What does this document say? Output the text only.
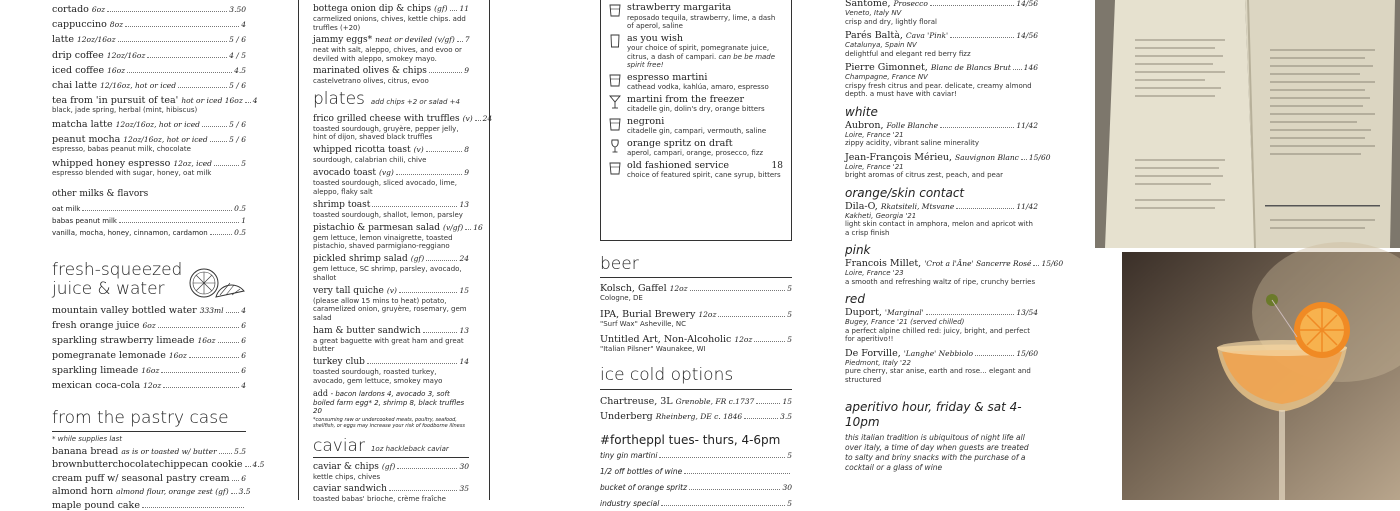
cortado 6oz	3.50
cappuccino 8oz	4
latte 12oz/16oz	5 / 6
drip coffee 12oz/16oz	4 / 5
iced coffee 16oz	4.5
chai latte 12/16oz, hot or iced	5 / 6
tea from 'in pursuit of tea' hot or iced 16oz 4
black, jade spring, herbal (mint, hibiscus)
matcha latte 12oz/16oz, hot or iced	5 / 6
peanut mocha 12oz/16oz, hot or iced	5 / 6
espresso, babas peanut milk, chocolate
whipped honey espresso 12oz, iced	5
espresso blended with sugar, honey, oat milk
other milks & flavors
oat milk	0.5
babas peanut milk	1
vanilla, mocha, honey, cinnamon, cardamon	0.5
fresh-squeezed
juice & water
mountain valley bottled water 333ml 4
fresh orange juice 6oz	6
sparkling strawberry limeade 16oz	6
pomegranate lemonade 16oz	6
sparkling limeade 16oz	6
mexican coca-cola 12oz	4
from the pastry case
* while supplies last
banana bread as is or toasted w/ butter 5.5
brownbutterchocolatechippecan cookie 4.5
cream puff w/ seasonal pastry cream 6
almond horn almond flour, orange zest (gf) 3.5
maple pound cake
bottega onion dip & chips (gf) 11
carmelized onions, chives, kettle chips. add truffles (+20)
jammy eggs* neat or deviled (v/gf) 7
neat with salt, aleppo, chives, and evoo or deviled with aleppo, smokey mayo.
marinated olives & chips	9
castelvetrano olives, citrus, evoo
plates add chips +2 or salad +4
frico grilled cheese with truffles (v) 24
toasted sourdough, gruyère, pepper jelly, hint of dijon, shaved black truffles
whipped ricotta toast (v)	8
sourdough, calabrian chili, chive
avocado toast (vg)	9
toasted sourdough, sliced avocado, lime, aleppo, flaky salt
shrimp toast	13
toasted sourdough, shallot, lemon, parsley
pistachio & parmesan salad (v/gf) 16
gem lettuce, lemon vinaigrette, toasted pistachio, shaved parmigiano-reggiano
pickled shrimp salad (gf)	24
gem lettuce, SC shrimp, parsley, avocado, shallot
very tall quiche (v)	15
(please allow 15 mins to heat) potato, caramelized onion, gruyère, rosemary, gem salad
ham & butter sandwich	13
a great baguette with great ham and great butter
turkey club	14
toasted sourdough, roasted turkey, avocado, gem lettuce, smokey mayo
add - bacon lardons 4, avocado 3, soft boiled farm egg* 2, shrimp 8, black truffles 20
*consuming raw or undercooked meats, poultry, seafood, shellfish, or eggs may increase your risk of foodborne illness
caviar 1oz hackleback caviar
caviar & chips (gf)	30
kettle chips, chives
caviar sandwich	35
toasted babas' brioche, crème fraîche
strawberry margarita
reposado tequila, strawberry, lime, a dash of aperol, saline
as you wish
your choice of spirit, pomegranate juice, citrus, a dash of campari. can be be made spirit free!
espresso martini
cathead vodka, kahlúa, amaro, espresso
martini from the freezer
citadelle gin, dolin's dry, orange bitters
negroni
citadelle gin, campari, vermouth, saline
orange spritz on draft
aperol, campari, orange, prosecco, fizz
old fashioned service	18
choice of featured spirit, cane syrup, bitters
beer
Kolsch, Gaffel 12oz	5
Cologne, DE
IPA, Burial Brewery 12oz	5
"Surf Wax" Asheville, NC
Untitled Art, Non-Alcoholic 12oz	5
"Italian Pilsner" Waunakee, WI
ice cold options
Chartreuse, 3L Grenoble, FR c.1737	15
Underberg Rheinberg, DE c. 1846	3.5
#fortheppl tues- thurs, 4-6pm
tiny gin martini	5
1/2 off bottles of wine
bucket of orange spritz	30
industry special	5
Santome, Prosecco	14/56
Veneto, Italy NV
crisp and dry, lightly floral
Parés Baltà, Cava 'Pink'	14/56
Catalunya, Spain NV
delightful and elegant red berry fizz
Pierre Gimonnet, Blanc de Blancs Brut 146
Champagne, France NV
crispy fresh citrus and pear. delicate, creamy almond depth. a must have with caviar!
white
Aubron, Folle Blanche	11/42
Loire, France '21
zippy acidity, vibrant saline minerality
Jean-François Mérieu, Sauvignon Blanc 15/60
Loire, France '21
bright aromas of citrus zest, peach, and pear
orange/skin contact
Dila-O, Rkatsiteli, Mtsvane	11/42
Kakheti, Georgia '21
light skin contact in amphora, melon and apricot with a crisp finish
pink
Francois Millet, 'Crot a l'Âne' Sancerre Rosé 15/60
Loire, France '23
a smooth and refreshing waltz of ripe, crunchy berries
red
Duport, 'Marginal'	13/54
Bugey, France '21 (served chilled)
a perfect alpine chilled red: juicy, bright, and perfect for aperitivo!!
De Forville, 'Langhe' Nebbiolo	15/60
Piedmont, Italy '22
pure cherry, star anise, earth and rose... elegant and structured
aperitivo hour, friday & sat 4-10pm
this italian tradition is ubiquitous of night life all over italy, a time of day when guests are treated to salty and briny snacks with the purchase of a cocktail or a glass of wine
